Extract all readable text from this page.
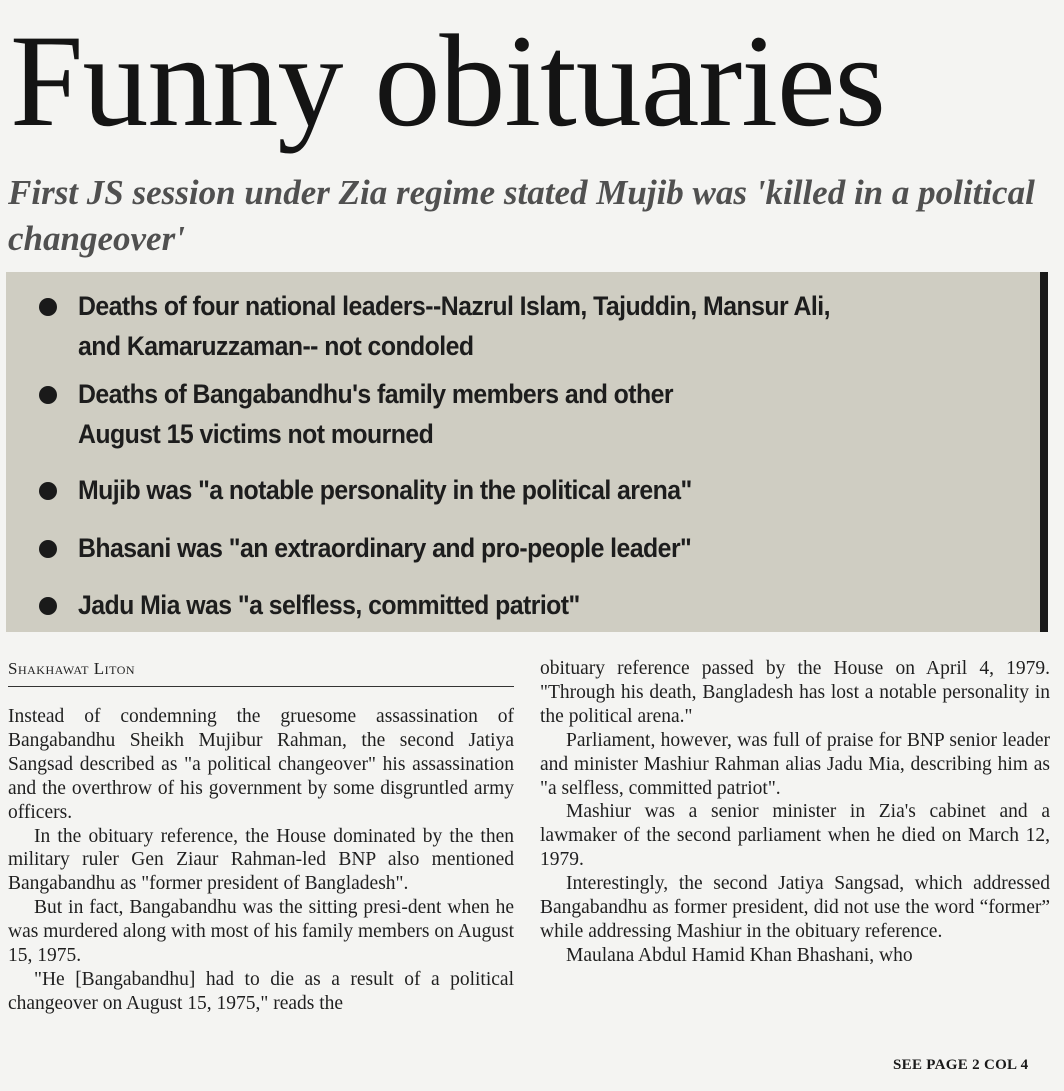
Funny obituaries
First JS session under Zia regime stated Mujib was 'killed in a political changeover'
Deaths of four national leaders--Nazrul Islam, Tajuddin, Mansur Ali,
and Kamaruzzaman-- not condoled
Deaths of Bangabandhu's family members and other
August 15 victims not mourned
Mujib was "a notable personality in the political arena"
Bhasani was "an extraordinary and pro-people leader"
Jadu Mia was "a selfless, committed patriot"
Shakhawat Liton

Instead of condemning the gruesome assassination of Bangabandhu Sheikh Mujibur Rahman, the second Jatiya Sangsad described as "a political changeover" his assassination and the overthrow of his government by some disgruntled army officers.

In the obituary reference, the House dominated by the then military ruler Gen Ziaur Rahman-led BNP also mentioned Bangabandhu as "former president of Bangladesh".

But in fact, Bangabandhu was the sitting presi-dent when he was murdered along with most of his family members on August 15, 1975.

"He [Bangabandhu] had to die as a result of a political changeover on August 15, 1975," reads the

obituary reference passed by the House on April 4, 1979. "Through his death, Bangladesh has lost a notable personality in the political arena."

Parliament, however, was full of praise for BNP senior leader and minister Mashiur Rahman alias Jadu Mia, describing him as "a selfless, committed patriot".

Mashiur was a senior minister in Zia's cabinet and a lawmaker of the second parliament when he died on March 12, 1979.

Interestingly, the second Jatiya Sangsad, which addressed Bangabandhu as former president, did not use the word “former” while addressing Mashiur in the obituary reference.

Maulana Abdul Hamid Khan Bhashani, who

SEE PAGE 2 COL 4
